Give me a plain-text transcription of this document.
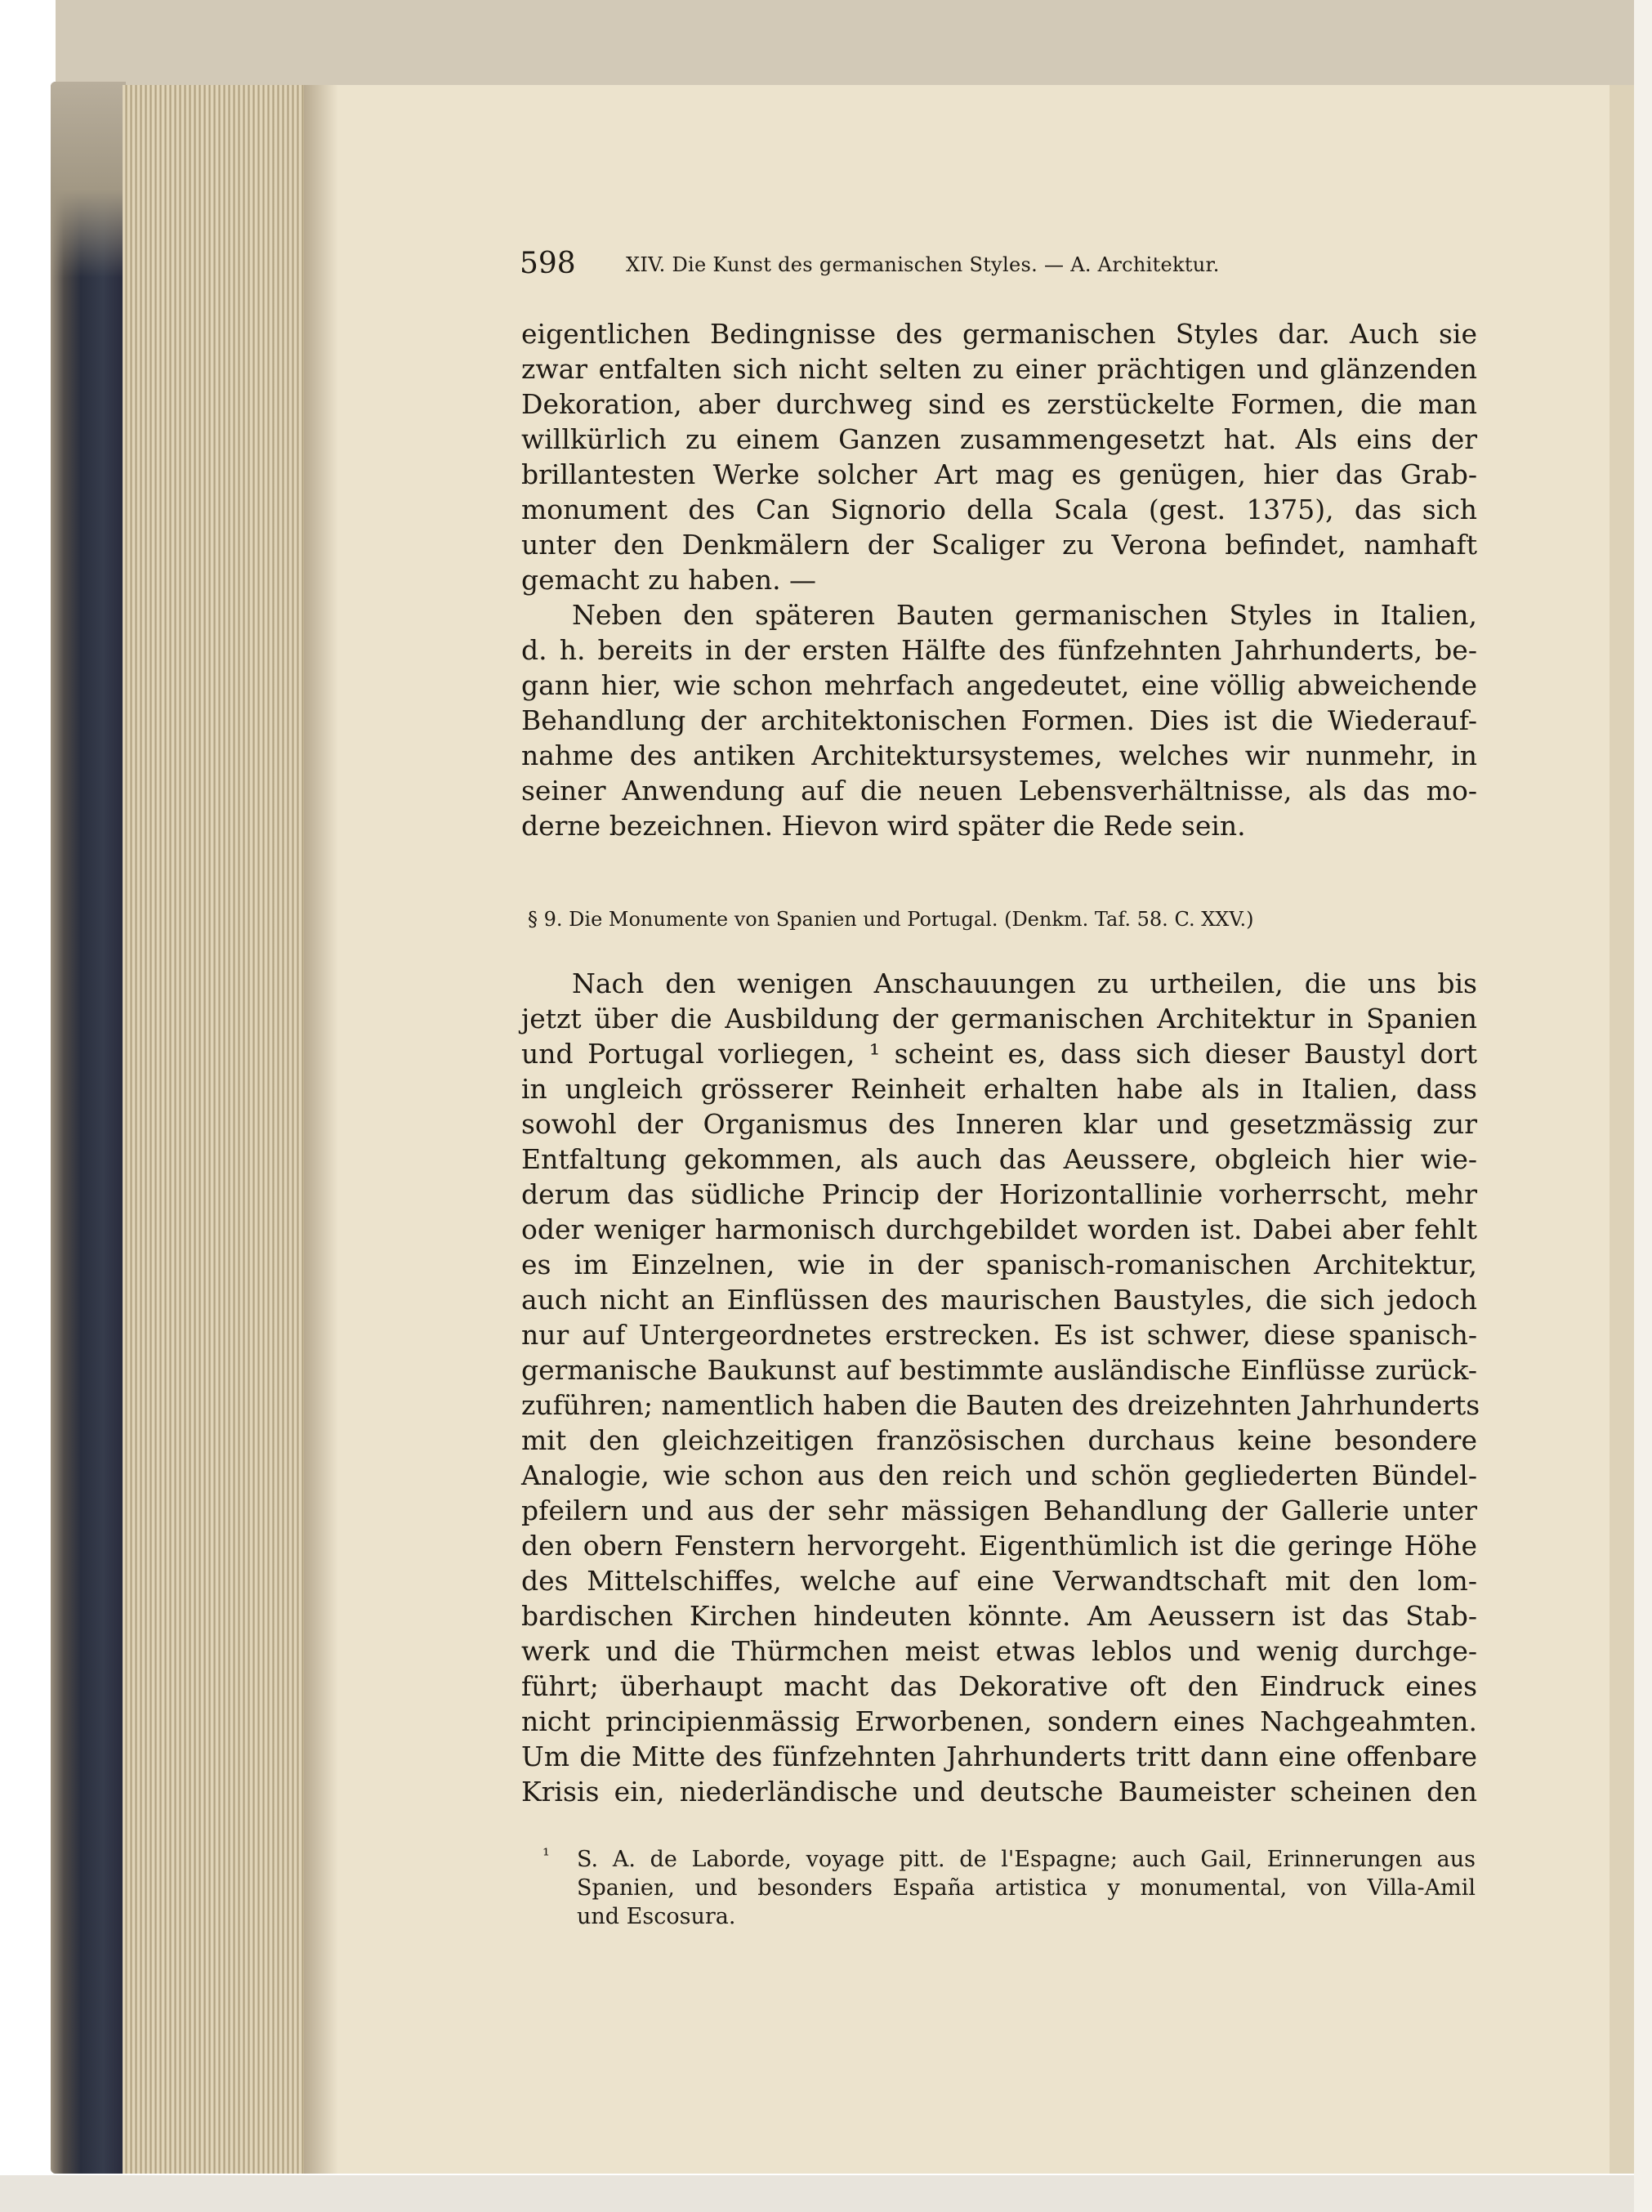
598	XIV. Die Kunst des germanischen Styles. — A. Architektur.
eigentlichen Bedingnisse des germanischen Styles dar. Auch sie
zwar entfalten sich nicht selten zu einer prächtigen und glänzenden
Dekoration, aber durchweg sind es zerstückelte Formen, die man
willkürlich zu einem Ganzen zusammengesetzt hat. Als eins der
brillantesten Werke solcher Art mag es genügen, hier das Grab-
monument des Can Signorio della Scala (gest. 1375), das sich
unter den Denkmälern der Scaliger zu Verona befindet, namhaft
gemacht zu haben. —
Neben den späteren Bauten germanischen Styles in Italien,
d. h. bereits in der ersten Hälfte des fünfzehnten Jahrhunderts, be-
gann hier, wie schon mehrfach angedeutet, eine völlig abweichende
Behandlung der architektonischen Formen. Dies ist die Wiederauf-
nahme des antiken Architektursystemes, welches wir nunmehr, in
seiner Anwendung auf die neuen Lebensverhältnisse, als das mo-
derne bezeichnen. Hievon wird später die Rede sein.
§ 9. Die Monumente von Spanien und Portugal. (Denkm. Taf. 58. C. XXV.)
Nach den wenigen Anschauungen zu urtheilen, die uns bis
jetzt über die Ausbildung der germanischen Architektur in Spanien
und Portugal vorliegen, ¹ scheint es, dass sich dieser Baustyl dort
in ungleich grösserer Reinheit erhalten habe als in Italien, dass
sowohl der Organismus des Inneren klar und gesetzmässig zur
Entfaltung gekommen, als auch das Aeussere, obgleich hier wie-
derum das südliche Princip der Horizontallinie vorherrscht, mehr
oder weniger harmonisch durchgebildet worden ist. Dabei aber fehlt
es im Einzelnen, wie in der spanisch-romanischen Architektur,
auch nicht an Einflüssen des maurischen Baustyles, die sich jedoch
nur auf Untergeordnetes erstrecken. Es ist schwer, diese spanisch-
germanische Baukunst auf bestimmte ausländische Einflüsse zurück-
zuführen; namentlich haben die Bauten des dreizehnten Jahrhunderts
mit den gleichzeitigen französischen durchaus keine besondere
Analogie, wie schon aus den reich und schön gegliederten Bündel-
pfeilern und aus der sehr mässigen Behandlung der Gallerie unter
den obern Fenstern hervorgeht. Eigenthümlich ist die geringe Höhe
des Mittelschiffes, welche auf eine Verwandtschaft mit den lom-
bardischen Kirchen hindeuten könnte. Am Aeussern ist das Stab-
werk und die Thürmchen meist etwas leblos und wenig durchge-
führt; überhaupt macht das Dekorative oft den Eindruck eines
nicht principienmässig Erworbenen, sondern eines Nachgeahmten.
Um die Mitte des fünfzehnten Jahrhunderts tritt dann eine offenbare
Krisis ein, niederländische und deutsche Baumeister scheinen den
¹ S. A. de Laborde, voyage pitt. de l'Espagne; auch Gail, Erinnerungen aus
Spanien, und besonders España artistica y monumental, von Villa-Amil
und Escosura.
